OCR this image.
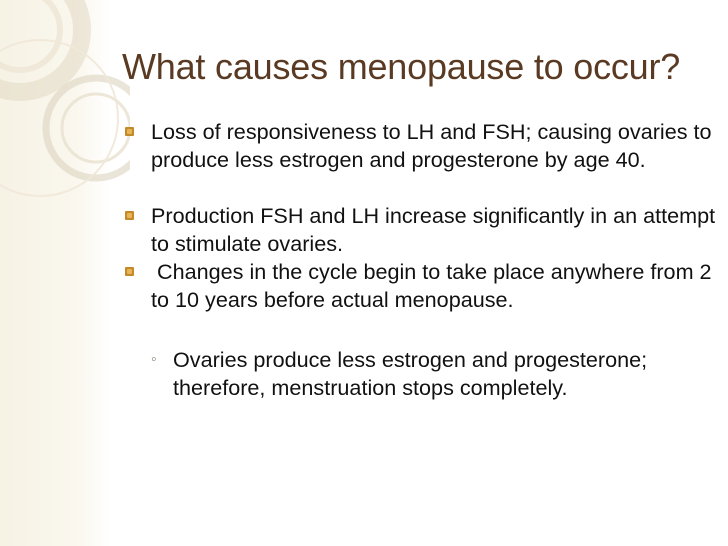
What causes menopause to occur?
Loss of responsiveness to LH and FSH; causing ovaries to produce less estrogen and progesterone by age 40.
Production FSH and LH increase significantly in an attempt to stimulate ovaries.
Changes in the cycle begin to take place anywhere from 2 to 10 years before actual menopause.
◦ Ovaries produce less estrogen and progesterone; therefore, menstruation stops completely.
